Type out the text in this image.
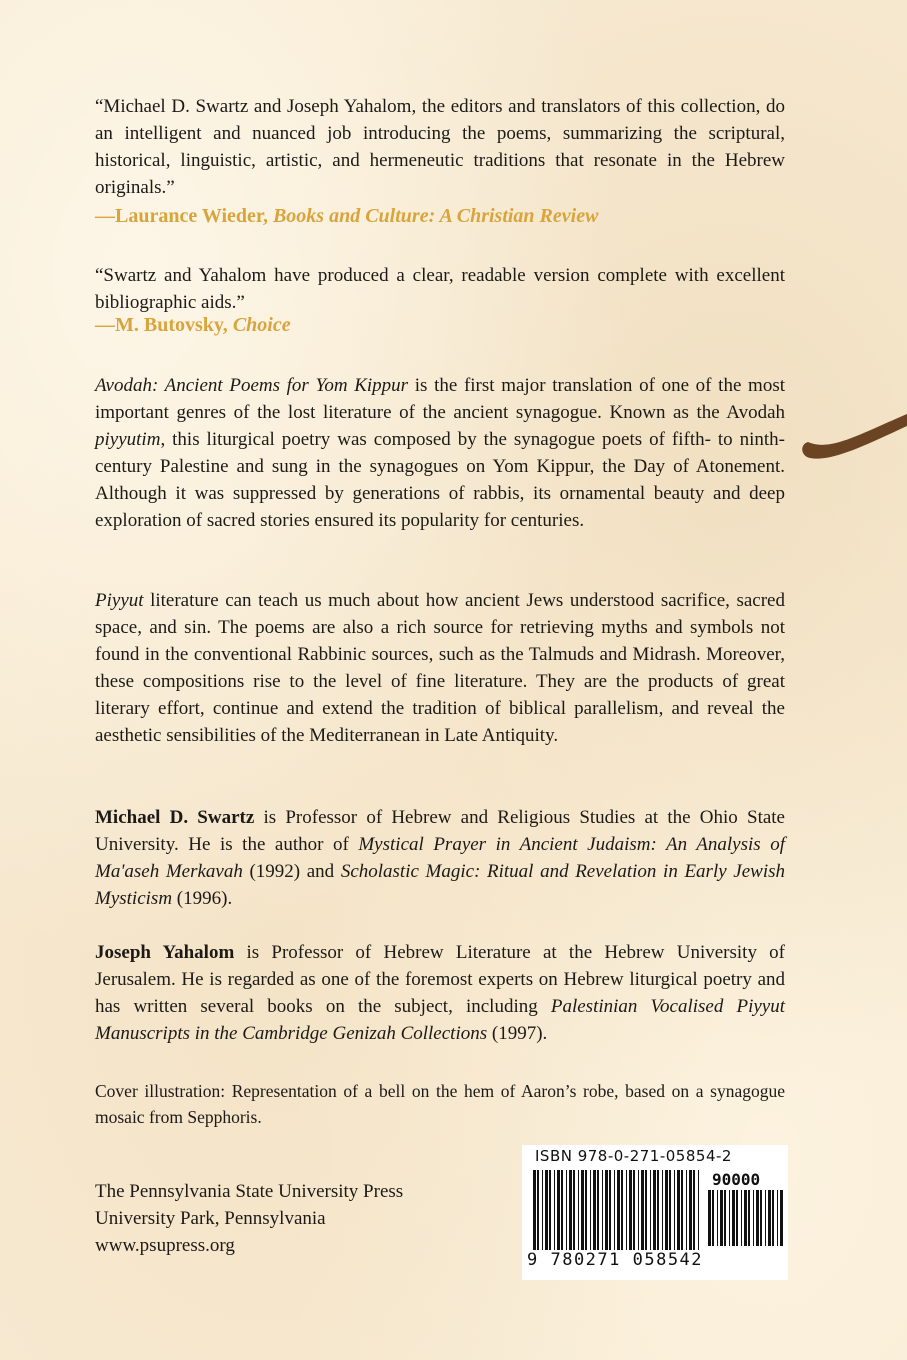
“Michael D. Swartz and Joseph Yahalom, the editors and translators of this collection, do an intelligent and nuanced job introducing the poems, summarizing the scriptural, historical, linguistic, artistic, and hermeneutic traditions that resonate in the Hebrew originals.”

—Laurance Wieder, Books and Culture: A Christian Review

“Swartz and Yahalom have produced a clear, readable version complete with excellent bibliographic aids.”

—M. Butovsky, Choice

Avodah: Ancient Poems for Yom Kippur is the first major translation of one of the most important genres of the lost literature of the ancient synagogue. Known as the Avodah piyyutim, this liturgical poetry was composed by the synagogue poets of fifth- to ninth-century Palestine and sung in the synagogues on Yom Kippur, the Day of Atonement. Although it was suppressed by generations of rabbis, its ornamental beauty and deep exploration of sacred stories ensured its popularity for centuries.

Piyyut literature can teach us much about how ancient Jews understood sacrifice, sacred space, and sin. The poems are also a rich source for retrieving myths and symbols not found in the conventional Rabbinic sources, such as the Talmuds and Midrash. Moreover, these compositions rise to the level of fine literature. They are the products of great literary effort, continue and extend the tradition of biblical parallelism, and reveal the aesthetic sensibilities of the Mediterranean in Late Antiquity.

Michael D. Swartz is Professor of Hebrew and Religious Studies at the Ohio State University. He is the author of Mystical Prayer in Ancient Judaism: An Analysis of Ma'aseh Merkavah (1992) and Scholastic Magic: Ritual and Revelation in Early Jewish Mysticism (1996).

Joseph Yahalom is Professor of Hebrew Literature at the Hebrew University of Jerusalem. He is regarded as one of the foremost experts on Hebrew liturgical poetry and has written several books on the subject, including Palestinian Vocalised Piyyut Manuscripts in the Cambridge Genizah Collections (1997).

Cover illustration: Representation of a bell on the hem of Aaron’s robe, based on a synagogue mosaic from Sepphoris.

The Pennsylvania State University Press
University Park, Pennsylvania
www.psupress.org
ISBN 978-0-271-05854-2
90000
9 780271 058542
